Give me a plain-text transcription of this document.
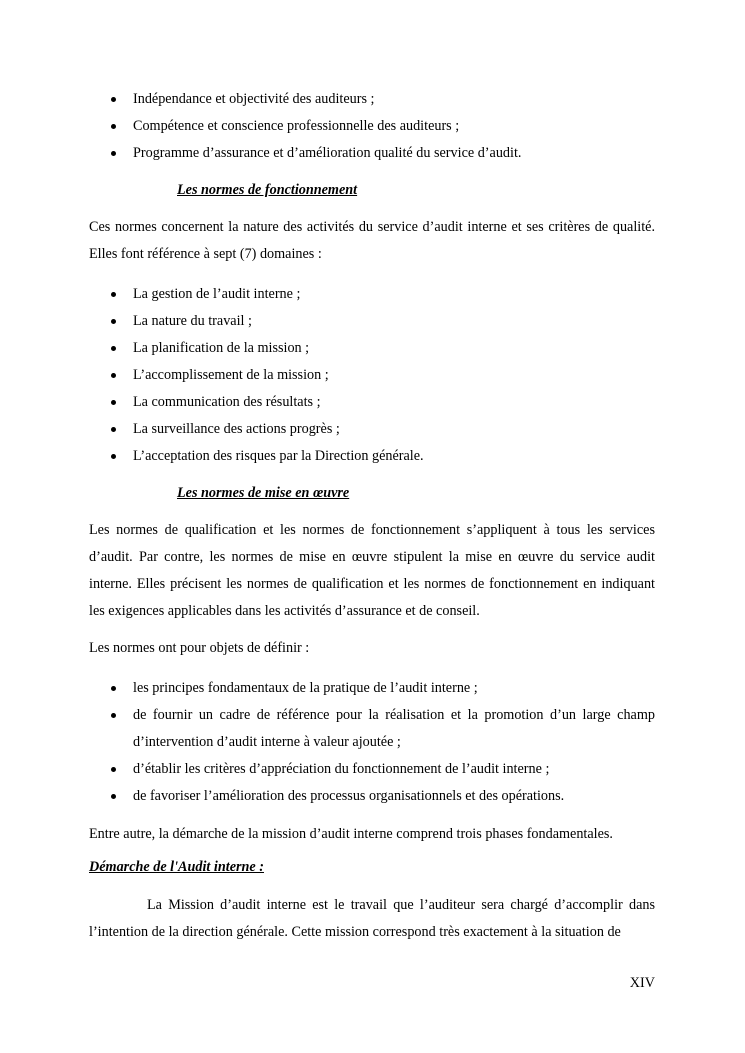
Indépendance et objectivité des auditeurs ;
Compétence et conscience professionnelle des auditeurs ;
Programme d’assurance et d’amélioration qualité du service d’audit.
Les normes de fonctionnement

Ces normes concernent la nature des activités du service d’audit interne et ses critères de qualité. Elles font référence à sept (7) domaines :

La gestion de l’audit interne ;
La nature du travail ;
La planification de la mission ;
L’accomplissement de la mission ;
La communication des résultats ;
La surveillance des actions progrès ;
L’acceptation des risques par la Direction générale.
Les normes de mise en œuvre

Les normes de qualification et les normes de fonctionnement s’appliquent à tous les services d’audit. Par contre, les normes de mise en œuvre stipulent la mise en œuvre du service audit interne. Elles précisent les normes de qualification et les normes de fonctionnement en indiquant les exigences applicables dans les activités d’assurance et de conseil.

Les normes ont pour objets de définir :

les principes fondamentaux de la pratique de l’audit interne ;
de fournir un cadre de référence pour la réalisation et la promotion d’un large champ d’intervention d’audit interne à valeur ajoutée ;
d’établir les critères d’appréciation du fonctionnement de l’audit interne ;
de favoriser l’amélioration des processus organisationnels et des opérations.

Entre autre, la démarche de la mission d’audit interne comprend trois phases fondamentales.

Démarche de l'Audit interne :

La Mission d’audit interne est le travail que l’auditeur sera chargé d’accomplir dans l’intention de la direction générale. Cette mission correspond très exactement à la situation de

XIV
